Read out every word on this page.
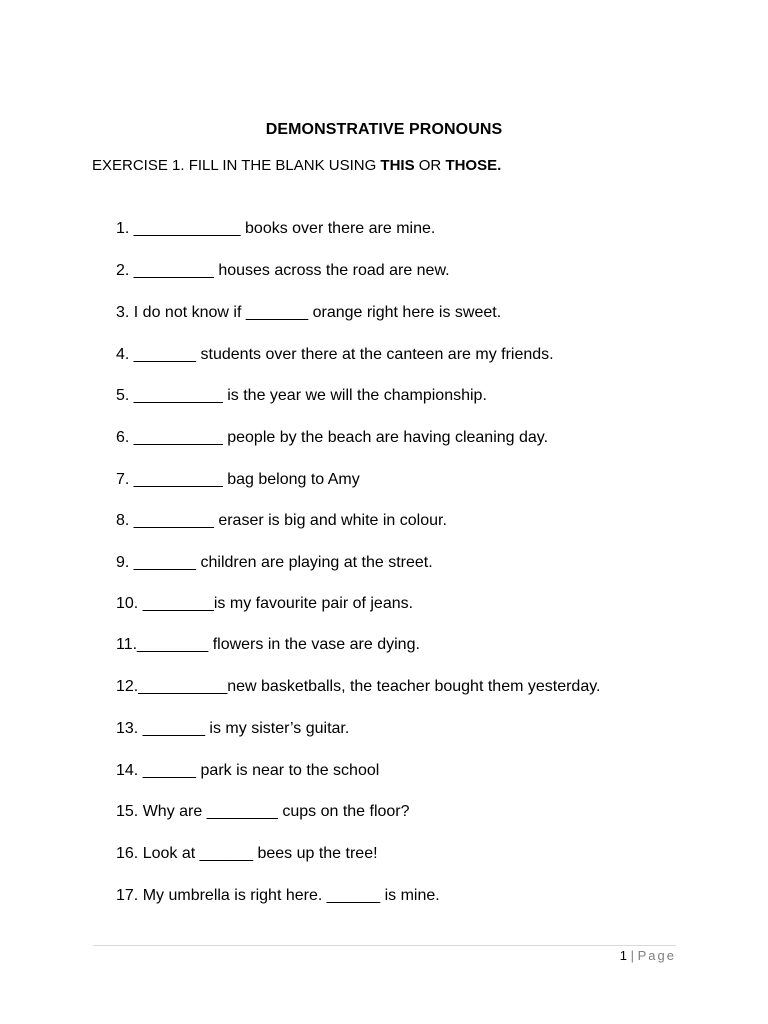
DEMONSTRATIVE PRONOUNS
EXERCISE 1. FILL IN THE BLANK USING THIS OR THOSE.
1. ____________ books over there are mine.
2. _________ houses across the road are new.
3. I do not know if _______ orange right here is sweet.
4. _______ students over there at the canteen are my friends.
5. __________ is the year we will the championship.
6. __________ people by the beach are having cleaning day.
7. __________ bag belong to Amy
8. _________ eraser is big and white in colour.
9. _______ children are playing at the street.
10. ________is my favourite pair of jeans.
11.________ flowers in the vase are dying.
12.__________new basketballs, the teacher bought them yesterday.
13. _______ is my sister’s guitar.
14. ______ park is near to the school
15. Why are ________ cups on the floor?
16. Look at ______ bees up the tree!
17. My umbrella is right here. ______ is mine.
1 | Page
